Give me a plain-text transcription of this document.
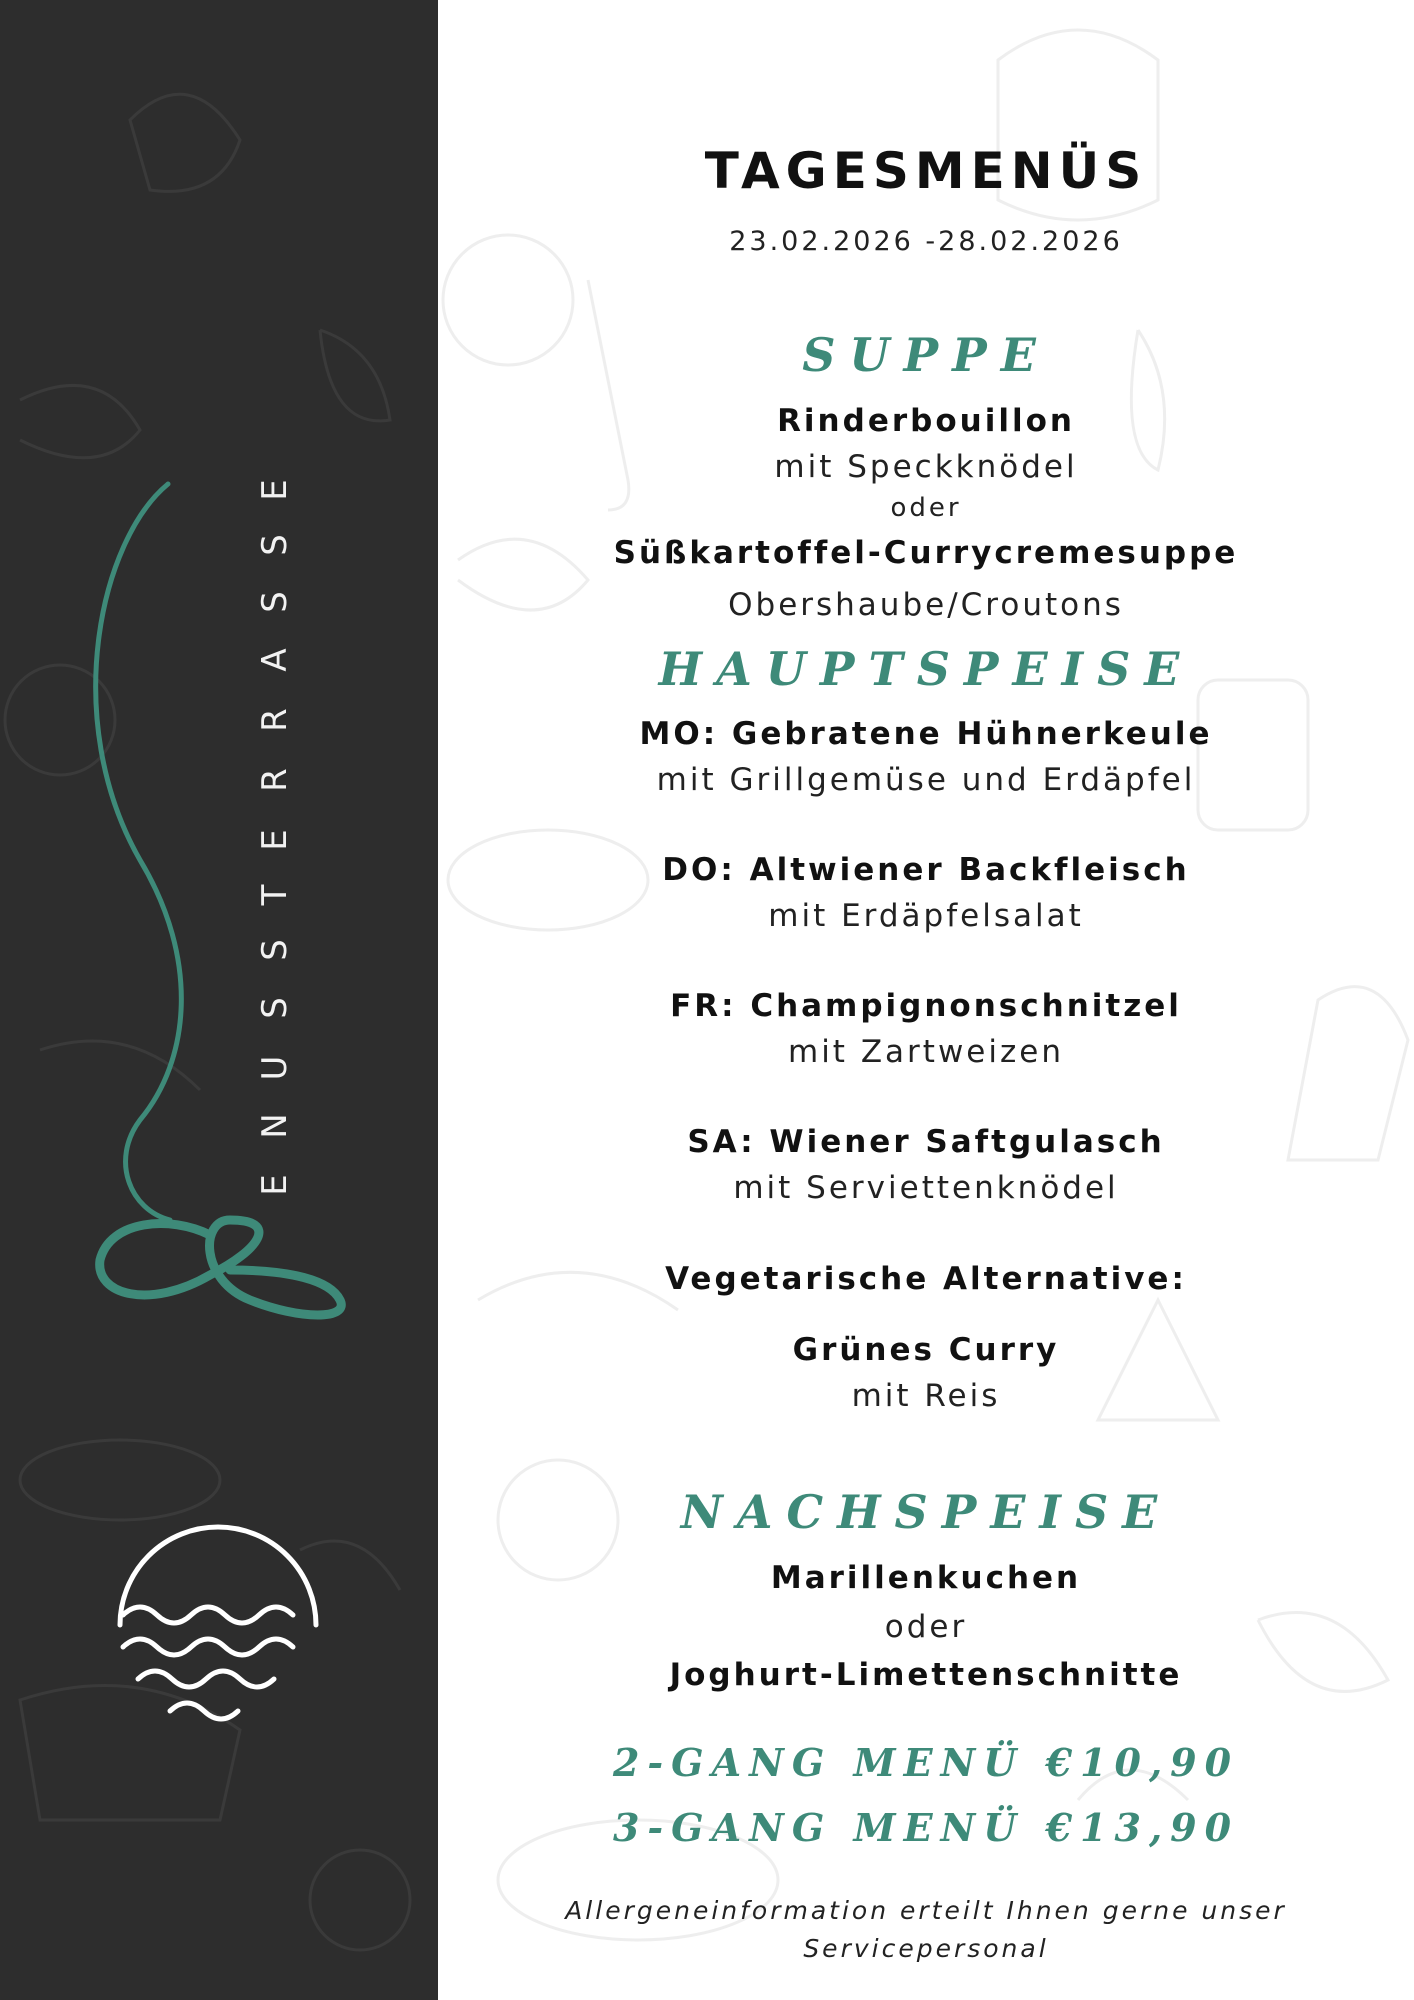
E
S
S
A
R
R
E
T
S
S
U
N
E
TAGESMENÜS
23.02.2026 -28.02.2026
SUPPE
Rinderbouillon
mit Speckknödel
oder
Süßkartoffel-Currycremesuppe
Obershaube/Croutons
HAUPTSPEISE
MO: Gebratene Hühnerkeule
mit Grillgemüse und Erdäpfel
DO: Altwiener Backfleisch
mit Erdäpfelsalat
FR: Champignonschnitzel
mit Zartweizen
SA: Wiener Saftgulasch
mit Serviettenknödel
Vegetarische Alternative:
Grünes Curry
mit Reis
NACHSPEISE
Marillenkuchen
oder
Joghurt-Limettenschnitte
2-GANG MENÜ €10,90
3-GANG MENÜ €13,90
Allergeneinformation erteilt Ihnen gerne unser
Servicepersonal
